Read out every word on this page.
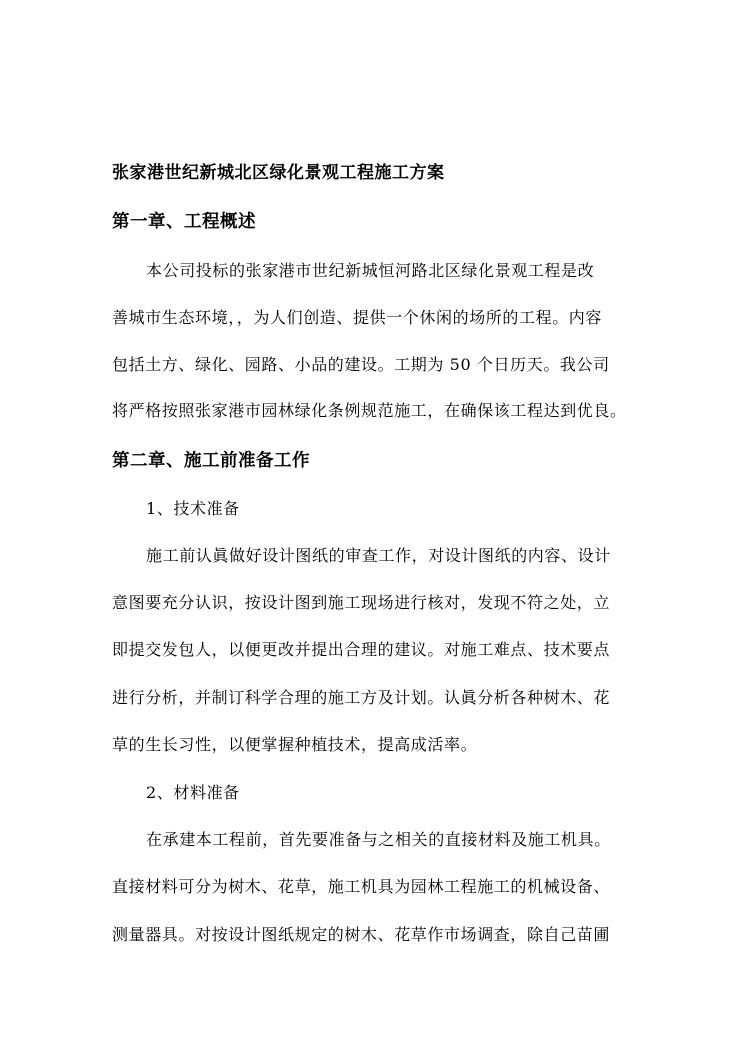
张家港世纪新城北区绿化景观工程施工方案
第一章、工程概述
本公司投标的张家港市世纪新城恒河路北区绿化景观工程是改
善城市生态环境，，为人们创造、提供一个休闲的场所的工程。内容
包括土方、绿化、园路、小品的建设。工期为 50 个日历天。我公司
将严格按照张家港市园林绿化条例规范施工，在确保该工程达到优良。
第二章、施工前准备工作
1、技术准备
施工前认眞做好设计图纸的审查工作，对设计图纸的内容、设计
意图要充分认识，按设计图到施工现场进行核对，发现不符之处，立
即提交发包人，以便更改并提出合理的建议。对施工难点、技术要点
进行分析，并制订科学合理的施工方及计划。认眞分析各种树木、花
草的生长习性，以便掌握种植技术，提高成活率。
2、材料准备
在承建本工程前，首先要准备与之相关的直接材料及施工机具。
直接材料可分为树木、花草，施工机具为园林工程施工的机械设备、
测量器具。对按设计图纸规定的树木、花草作市场调查，除自己苗圃
